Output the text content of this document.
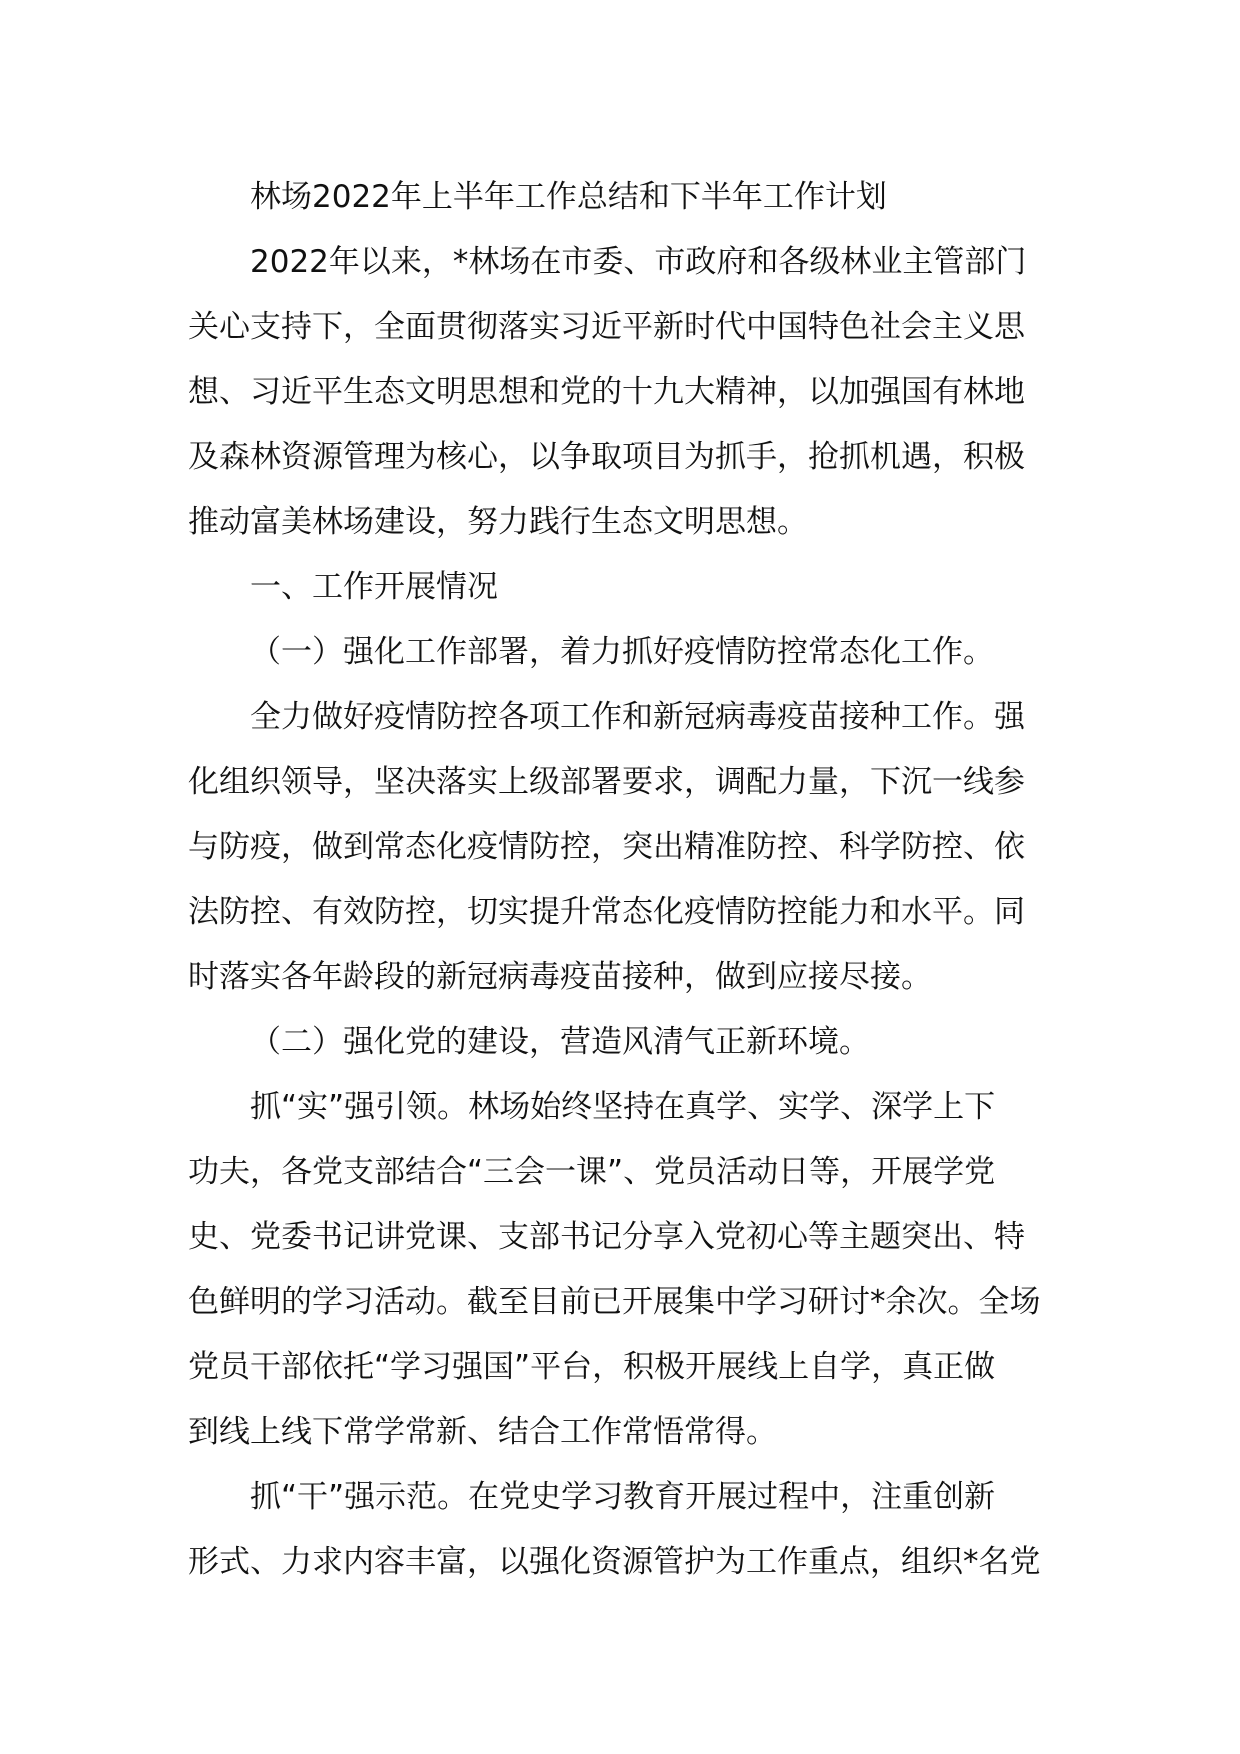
林场2022年上半年工作总结和下半年工作计划
2022年以来，*林场在市委、市政府和各级林业主管部门
关心支持下，全面贯彻落实习近平新时代中国特色社会主义思
想、习近平生态文明思想和党的十九大精神，以加强国有林地
及森林资源管理为核心，以争取项目为抓手，抢抓机遇，积极
推动富美林场建设，努力践行生态文明思想。
一、工作开展情况
（一）强化工作部署，着力抓好疫情防控常态化工作。
全力做好疫情防控各项工作和新冠病毒疫苗接种工作。强
化组织领导，坚决落实上级部署要求，调配力量，下沉一线参
与防疫，做到常态化疫情防控，突出精准防控、科学防控、依
法防控、有效防控，切实提升常态化疫情防控能力和水平。同
时落实各年龄段的新冠病毒疫苗接种，做到应接尽接。
（二）强化党的建设，营造风清气正新环境。
抓“实”强引领。林场始终坚持在真学、实学、深学上下
功夫，各党支部结合“三会一课”、党员活动日等，开展学党
史、党委书记讲党课、支部书记分享入党初心等主题突出、特
色鲜明的学习活动。截至目前已开展集中学习研讨*余次。全场
党员干部依托“学习强国”平台，积极开展线上自学，真正做
到线上线下常学常新、结合工作常悟常得。
抓“干”强示范。在党史学习教育开展过程中，注重创新
形式、力求内容丰富，以强化资源管护为工作重点，组织*名党
